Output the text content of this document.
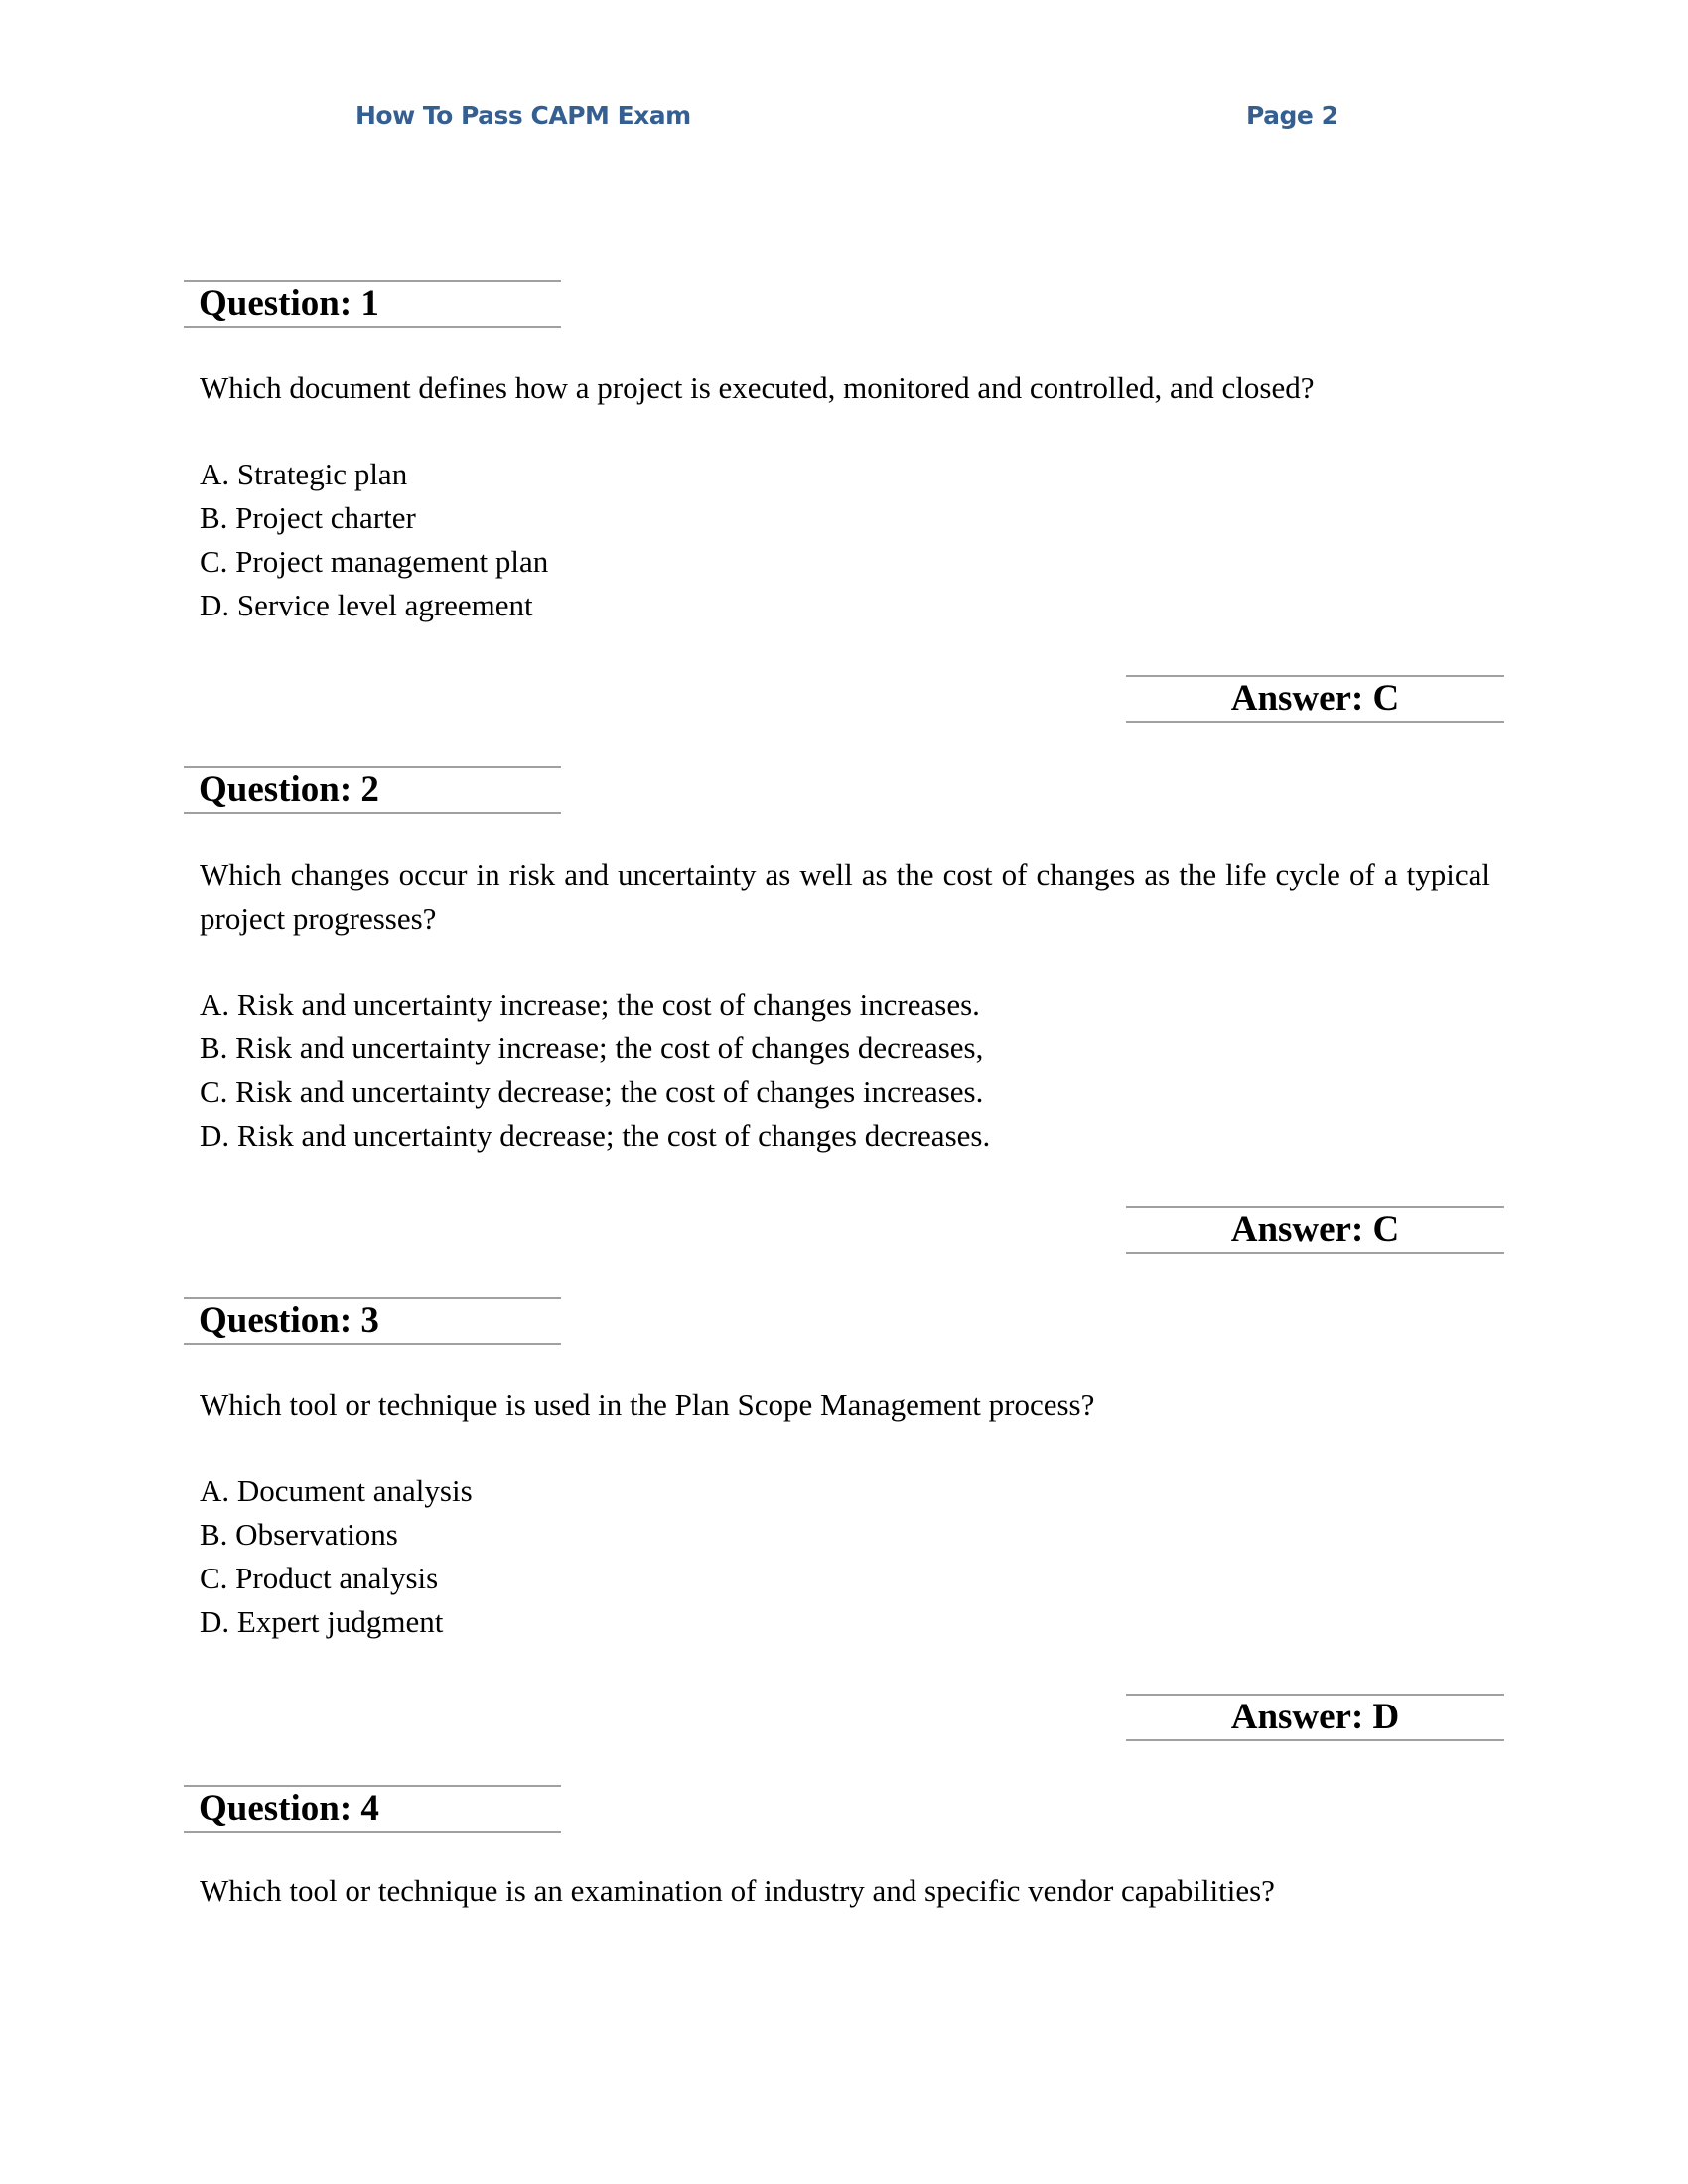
How To Pass CAPM Exam	Page 2
Question: 1
Which document defines how a project is executed, monitored and controlled, and closed?
A. Strategic plan
B. Project charter
C. Project management plan
D. Service level agreement
Answer: C
Question: 2
Which changes occur in risk and uncertainty as well as the cost of changes as the life cycle of a typical project progresses?
A. Risk and uncertainty increase; the cost of changes increases.
B. Risk and uncertainty increase; the cost of changes decreases,
C. Risk and uncertainty decrease; the cost of changes increases.
D. Risk and uncertainty decrease; the cost of changes decreases.
Answer: C
Question: 3
Which tool or technique is used in the Plan Scope Management process?
A. Document analysis
B. Observations
C. Product analysis
D. Expert judgment
Answer: D
Question: 4
Which tool or technique is an examination of industry and specific vendor capabilities?
